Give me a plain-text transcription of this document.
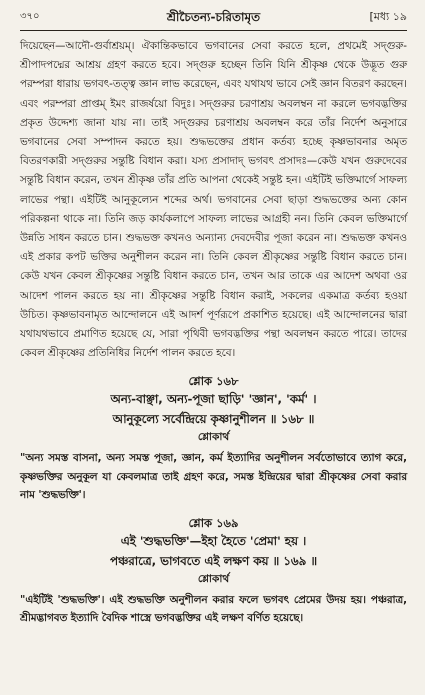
৩৭০	শ্রীচৈতন্য-চরিতামৃত	[মধ্য ১৯

দিয়েছেন—আদৌ-গুর্বাশ্রয়ম্। ঐকান্তিকভাবে ভগবানের সেবা করতে হলে, প্রথমেই সদ্গুরু-শ্রীপাদপদ্মের আশ্রয় গ্রহণ করতে হবে। সদ্গুরু হচ্ছেন তিনি যিনি শ্রীকৃষ্ণ থেকে উদ্ভূত গুরু পরম্পরা ধারায় ভগবৎ-তত্ত্ব জ্ঞান লাভ করেছেন, এবং যথাযথ ভাবে সেই জ্ঞান বিতরণ করছেন। এবং পরম্পরা প্রাপ্তম্ ইমং রাজর্ষয়ো বিদুঃ। সদ্গুরুর চরণাশ্রয় অবলম্বন না করলে ভগবদ্ভক্তির প্রকৃত উদ্দেশ্য জানা যায় না। তাই সদ্গুরুর চরণাশ্রয় অবলম্বন করে তাঁর নির্দেশ অনুসারে ভগবানের সেবা সম্পাদন করতে হয়। শুদ্ধভক্তের প্রধান কর্তব্য হচ্ছে কৃষ্ণভাবনার অমৃত বিতরণকারী সদ্গুরুর সন্তুষ্টি বিধান করা। যস্য প্রসাদাদ্ ভগবৎ প্রসাদঃ—কেউ যখন গুরুদেবের সন্তুষ্টি বিধান করেন, তখন শ্রীকৃষ্ণ তাঁর প্রতি আপনা থেকেই সন্তুষ্ট হন। এইটিই ভক্তিমার্গে সাফল্য লাভের পন্থা। এইটিই আনুকূল্যেন শব্দের অর্থ। ভগবানের সেবা ছাড়া শুদ্ধভক্তের অন্য কোন পরিকল্পনা থাকে না। তিনি জড় কার্যকলাপে সাফল্য লাভের আগ্রহী নন। তিনি কেবল ভক্তিমার্গে উন্নতি সাধন করতে চান। শুদ্ধভক্ত কখনও অন্যান্য দেবদেবীর পূজা করেন না। শুদ্ধভক্ত কখনও এই প্রকার কপট ভক্তির অনুশীলন করেন না। তিনি কেবল শ্রীকৃষ্ণের সন্তুষ্টি বিধান করতে চান। কেউ যখন কেবল শ্রীকৃষ্ণের সন্তুষ্টি বিধান করতে চান, তখন আর তাকে এর আদেশ অথবা ওর আদেশ পালন করতে হয় না। শ্রীকৃষ্ণের সন্তুষ্টি বিধান করাই, সকলের একমাত্র কর্তব্য হওয়া উচিত। কৃষ্ণভাবনামৃত আন্দোলনে এই আদর্শ পূর্ণরূপে প্রকাশিত হয়েছে। এই আন্দোলনের দ্বারা যথাযথভাবে প্রমাণিত হয়েছে যে, সারা পৃথিবী ভগবদ্ভক্তির পন্থা অবলম্বন করতে পারে। তাদের কেবল শ্রীকৃষ্ণের প্রতিনিধির নির্দেশ পালন করতে হবে।

শ্লোক ১৬৮
অন্য-বাঞ্ছা, অন্য-পূজা ছাড়ি' 'জ্ঞান', 'কর্ম' ।
আনুকূল্যে সর্বেন্দ্রিয়ে কৃষ্ণানুশীলন ॥ ১৬৮ ॥
শ্লোকার্থ

"অন্য সমস্ত বাসনা, অন্য সমস্ত পূজা, জ্ঞান, কর্ম ইত্যাদির অনুশীলন সর্বতোভাবে ত্যাগ করে, কৃষ্ণভক্তির অনুকূল যা কেবলমাত্র তাই গ্রহণ করে, সমস্ত ইন্দ্রিয়ের দ্বারা শ্রীকৃষ্ণের সেবা করার নাম 'শুদ্ধভক্তি'।

শ্লোক ১৬৯
এই 'শুদ্ধভক্তি'—ইহা হৈতে 'প্রেমা' হয় ।
পঞ্চরাত্রে, ভাগবতে এই লক্ষণ কয় ॥ ১৬৯ ॥
শ্লোকার্থ

"এইটিই 'শুদ্ধভক্তি'। এই শুদ্ধভক্তি অনুশীলন করার ফলে ভগবৎ প্রেমের উদয় হয়। পঞ্চরাত্র, শ্রীমদ্ভাগবত ইত্যাদি বৈদিক শাস্ত্রে ভগবদ্ভক্তির এই লক্ষণ বর্ণিত হয়েছে।
